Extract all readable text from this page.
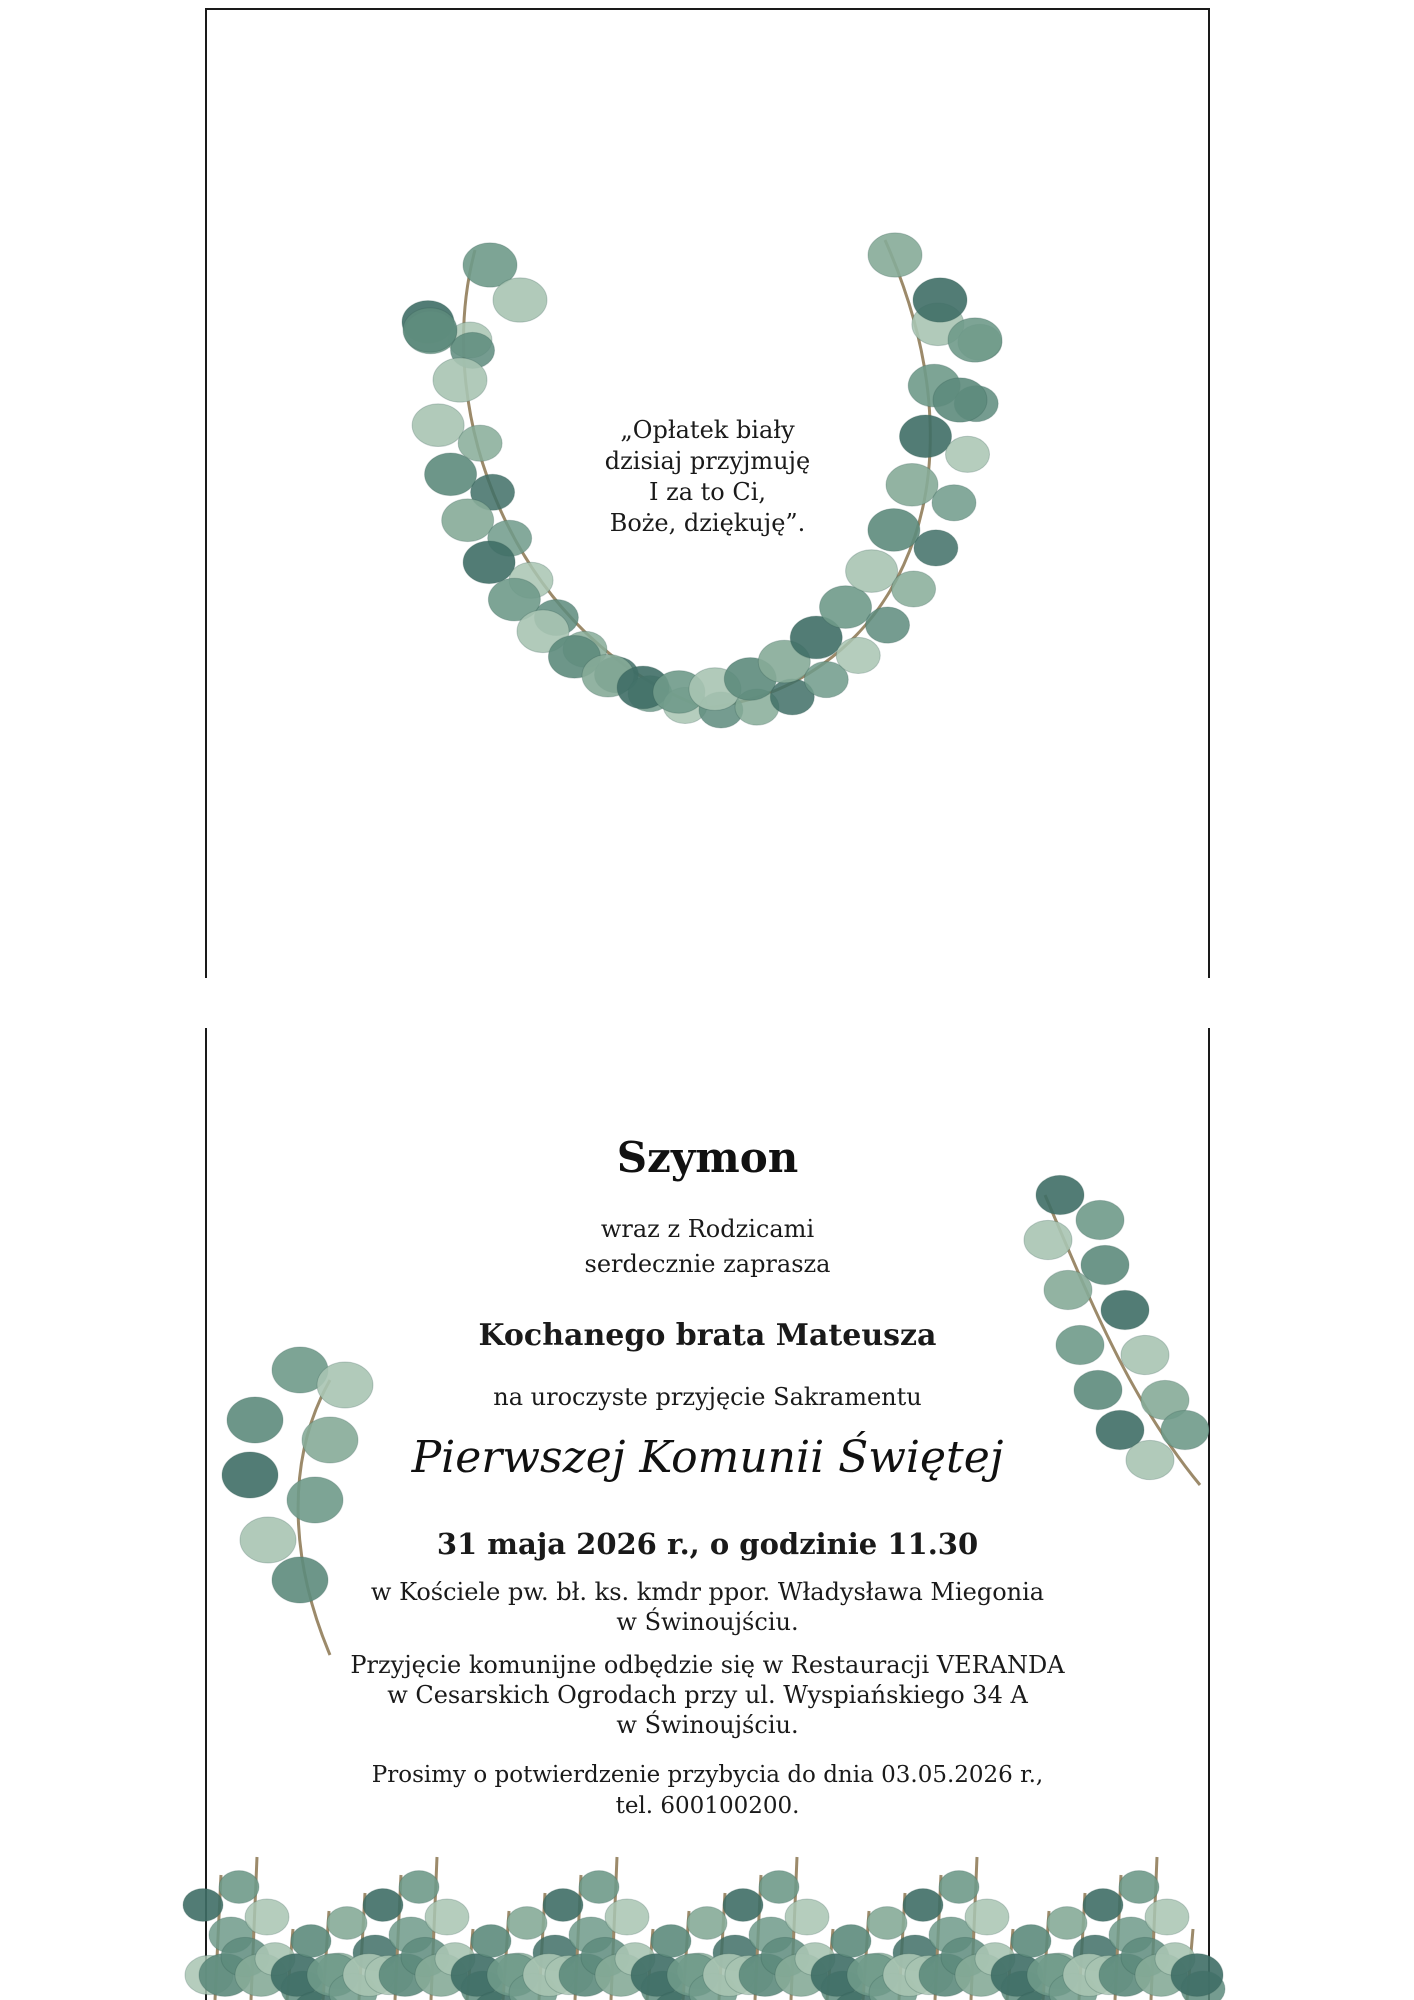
„Opłatek biały
dzisiaj przyjmuję
I za to Ci,
Boże, dziękuję”.
Szymon
wraz z Rodzicami
serdecznie zaprasza
Kochanego brata Mateusza
na uroczyste przyjęcie Sakramentu
Pierwszej Komunii Świętej
31 maja 2026 r., o godzinie 11.30
w Kościele pw. bł. ks. kmdr ppor. Władysława Miegonia
w Świnoujściu.
Przyjęcie komunijne odbędzie się w Restauracji VERANDA
w Cesarskich Ogrodach przy ul. Wyspiańskiego 34 A
w Świnoujściu.
Prosimy o potwierdzenie przybycia do dnia 03.05.2026 r.,
tel. 600100200.
